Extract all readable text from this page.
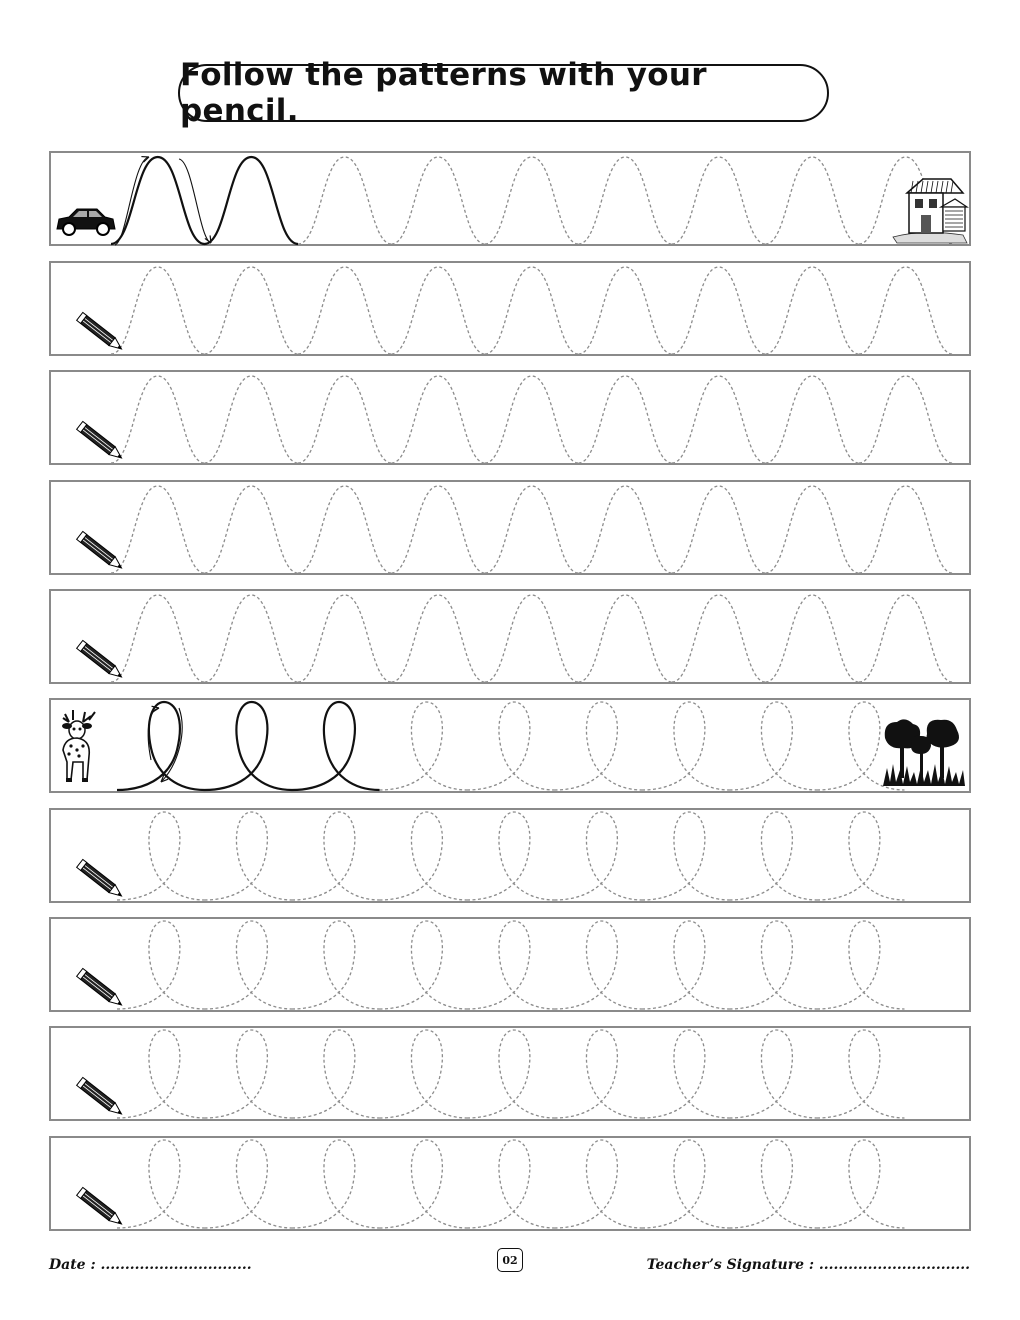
Follow the patterns with your pencil.
Date : ...............................	02	Teacher’s Signature : ...............................
